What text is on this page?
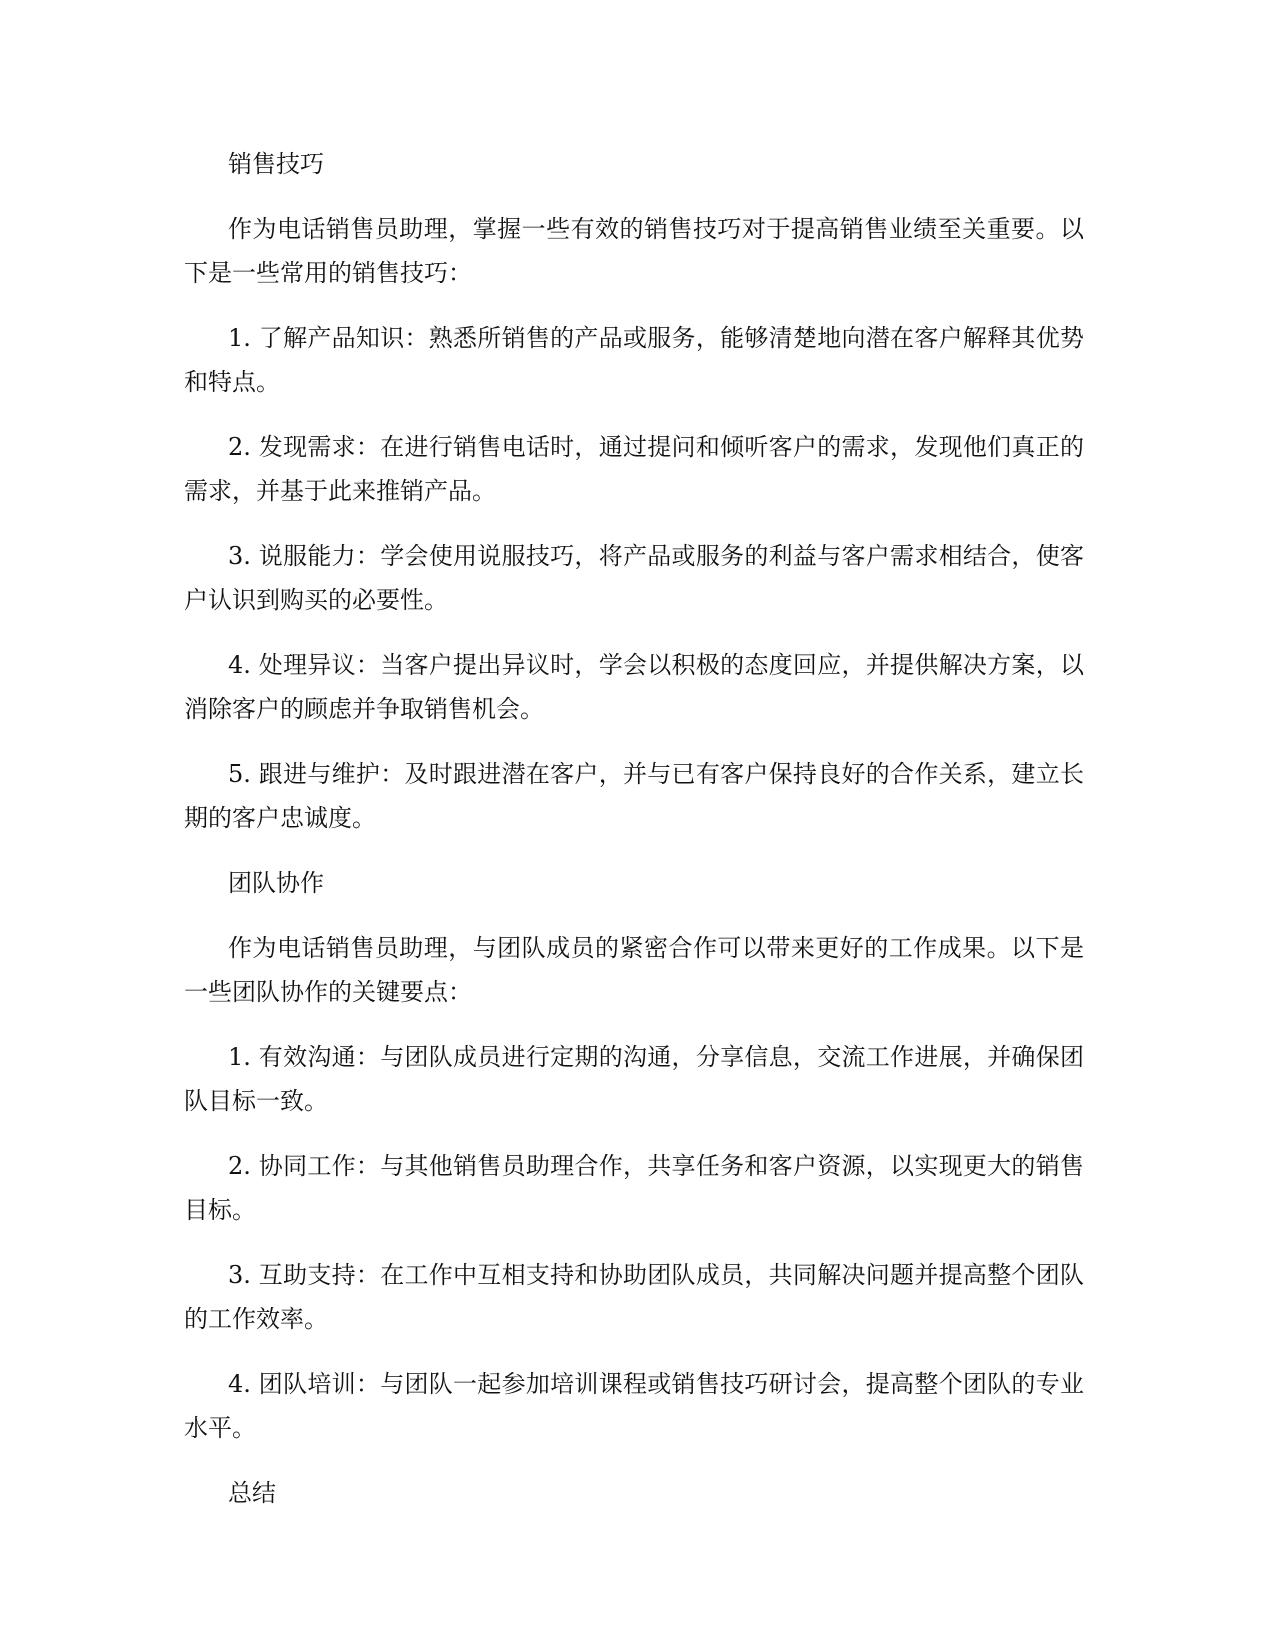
销售技巧

作为电话销售员助理，掌握一些有效的销售技巧对于提高销售业绩至关重要。以下是一些常用的销售技巧：

1. 了解产品知识：熟悉所销售的产品或服务，能够清楚地向潜在客户解释其优势和特点。

2. 发现需求：在进行销售电话时，通过提问和倾听客户的需求，发现他们真正的需求，并基于此来推销产品。

3. 说服能力：学会使用说服技巧，将产品或服务的利益与客户需求相结合，使客户认识到购买的必要性。

4. 处理异议：当客户提出异议时，学会以积极的态度回应，并提供解决方案，以消除客户的顾虑并争取销售机会。

5. 跟进与维护：及时跟进潜在客户，并与已有客户保持良好的合作关系，建立长期的客户忠诚度。

团队协作

作为电话销售员助理，与团队成员的紧密合作可以带来更好的工作成果。以下是一些团队协作的关键要点：

1. 有效沟通：与团队成员进行定期的沟通，分享信息，交流工作进展，并确保团队目标一致。

2. 协同工作：与其他销售员助理合作，共享任务和客户资源，以实现更大的销售目标。

3. 互助支持：在工作中互相支持和协助团队成员，共同解决问题并提高整个团队的工作效率。

4. 团队培训：与团队一起参加培训课程或销售技巧研讨会，提高整个团队的专业水平。

总结
